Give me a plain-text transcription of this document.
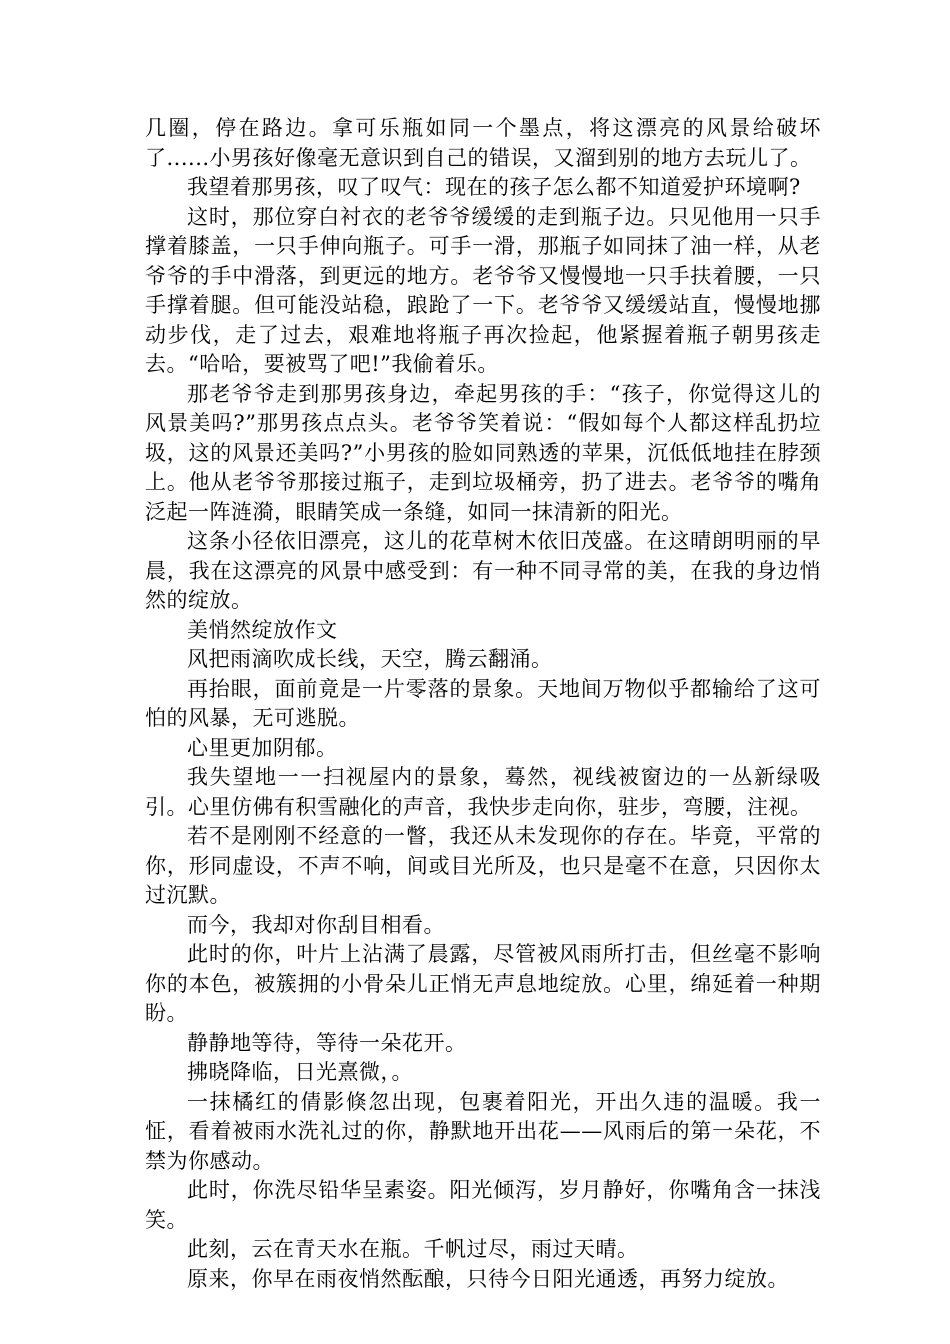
几圈，停在路边。拿可乐瓶如同一个墨点，将这漂亮的风景给破坏了......小男孩好像毫无意识到自己的错误，又溜到别的地方去玩儿了。

我望着那男孩，叹了叹气：现在的孩子怎么都不知道爱护环境啊?

这时，那位穿白衬衣的老爷爷缓缓的走到瓶子边。只见他用一只手撑着膝盖，一只手伸向瓶子。可手一滑，那瓶子如同抹了油一样，从老爷爷的手中滑落，到更远的地方。老爷爷又慢慢地一只手扶着腰，一只手撑着腿。但可能没站稳，踉跄了一下。老爷爷又缓缓站直，慢慢地挪动步伐，走了过去，艰难地将瓶子再次捡起，他紧握着瓶子朝男孩走去。“哈哈，要被骂了吧!”我偷着乐。

那老爷爷走到那男孩身边，牵起男孩的手：“孩子，你觉得这儿的风景美吗?”那男孩点点头。老爷爷笑着说：“假如每个人都这样乱扔垃圾，这的风景还美吗?”小男孩的脸如同熟透的苹果，沉低低地挂在脖颈上。他从老爷爷那接过瓶子，走到垃圾桶旁，扔了进去。老爷爷的嘴角泛起一阵涟漪，眼睛笑成一条缝，如同一抹清新的阳光。

这条小径依旧漂亮，这儿的花草树木依旧茂盛。在这晴朗明丽的早晨，我在这漂亮的风景中感受到：有一种不同寻常的美，在我的身边悄然的绽放。

美悄然绽放作文

风把雨滴吹成长线，天空，腾云翻涌。

再抬眼，面前竟是一片零落的景象。天地间万物似乎都输给了这可怕的风暴，无可逃脱。

心里更加阴郁。

我失望地一一扫视屋内的景象，蓦然，视线被窗边的一丛新绿吸引。心里仿佛有积雪融化的声音，我快步走向你，驻步，弯腰，注视。

若不是刚刚不经意的一瞥，我还从未发现你的存在。毕竟，平常的你，形同虚设，不声不响，间或目光所及，也只是毫不在意，只因你太过沉默。

而今，我却对你刮目相看。

此时的你，叶片上沾满了晨露，尽管被风雨所打击，但丝毫不影响你的本色，被簇拥的小骨朵儿正悄无声息地绽放。心里，绵延着一种期盼。

静静地等待，等待一朵花开。

拂晓降临，日光熹微，。

一抹橘红的倩影倏忽出现，包裹着阳光，开出久违的温暖。我一怔，看着被雨水洗礼过的你，静默地开出花——风雨后的第一朵花，不禁为你感动。

此时，你洗尽铅华呈素姿。阳光倾泻，岁月静好，你嘴角含一抹浅笑。

此刻，云在青天水在瓶。千帆过尽，雨过天晴。

原来，你早在雨夜悄然酝酿，只待今日阳光通透，再努力绽放。
